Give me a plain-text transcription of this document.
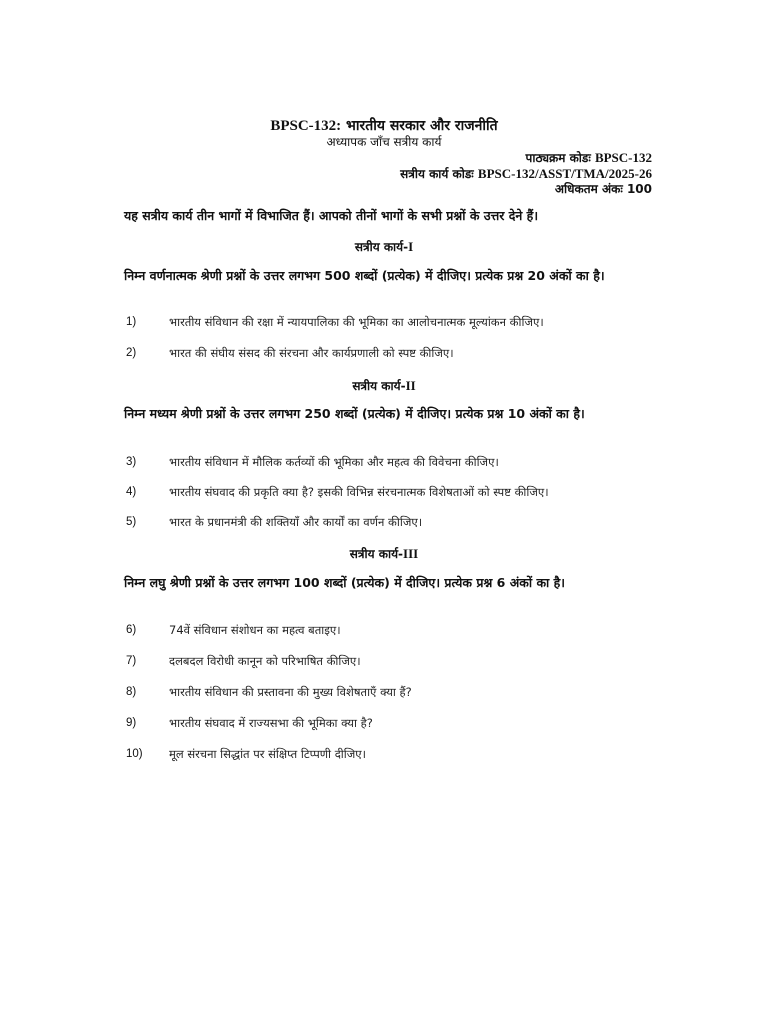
BPSC-132: भारतीय सरकार और राजनीति
अध्यापक जाँच सत्रीय कार्य
पाठ्यक्रम कोडः BPSC-132
सत्रीय कार्य कोडः BPSC-132/ASST/TMA/2025-26
अधिकतम अंकः 100
यह सत्रीय कार्य तीन भागों में विभाजित हैं। आपको तीनों भागों के सभी प्रश्नों के उत्तर देने हैं।
सत्रीय कार्य-I
निम्न वर्णनात्मक श्रेणी प्रश्नों के उत्तर लगभग 500 शब्दों (प्रत्येक) में दीजिए। प्रत्येक प्रश्न 20 अंकों का है।
1)	भारतीय संविधान की रक्षा में न्यायपालिका की भूमिका का आलोचनात्मक मूल्यांकन कीजिए।
2)	भारत की संघीय संसद की संरचना और कार्यप्रणाली को स्पष्ट कीजिए।
सत्रीय कार्य-II
निम्न मध्यम श्रेणी प्रश्नों के उत्तर लगभग 250 शब्दों (प्रत्येक) में दीजिए। प्रत्येक प्रश्न 10 अंकों का है।
3)	भारतीय संविधान में मौलिक कर्तव्यों की भूमिका और महत्व की विवेचना कीजिए।
4)	भारतीय संघवाद की प्रकृति क्या है? इसकी विभिन्न संरचनात्मक विशेषताओं को स्पष्ट कीजिए।
5)	भारत के प्रधानमंत्री की शक्तियाँ और कार्यों का वर्णन कीजिए।
सत्रीय कार्य-III
निम्न लघु श्रेणी प्रश्नों के उत्तर लगभग 100 शब्दों (प्रत्येक) में दीजिए। प्रत्येक प्रश्न 6 अंकों का है।
6)	74वें संविधान संशोधन का महत्व बताइए।
7)	दलबदल विरोधी कानून को परिभाषित कीजिए।
8)	भारतीय संविधान की प्रस्तावना की मुख्य विशेषताएँ क्या हैं?
9)	भारतीय संघवाद में राज्यसभा की भूमिका क्या है?
10) मूल संरचना सिद्धांत पर संक्षिप्त टिप्पणी दीजिए।
